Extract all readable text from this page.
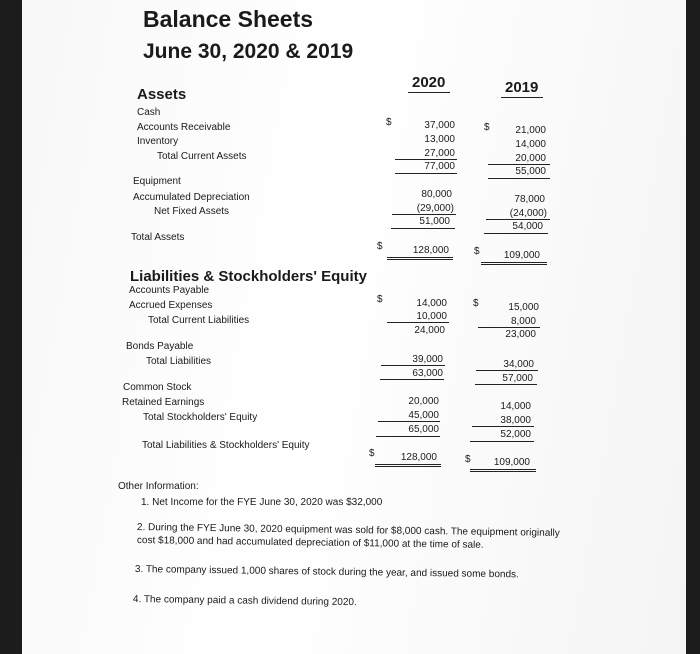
Balance Sheets
June 30, 2020 & 2019
2020	2019
Assets
Cash
$	37,000	$	21,000
Accounts Receivable
13,000	14,000
Inventory
27,000	20,000
Total Current Assets
77,000	55,000
Equipment
80,000	78,000
Accumulated Depreciation
(29,000)	(24,000)
Net Fixed Assets
51,000	54,000
Total Assets
$	128,000	$	109,000
Liabilities & Stockholders' Equity
Accounts Payable
$	14,000	$	15,000
Accrued Expenses
10,000	8,000
Total Current Liabilities
24,000	23,000
Bonds Payable
39,000	34,000
Total Liabilities
63,000	57,000
Common Stock
20,000	14,000
Retained Earnings
45,000	38,000
Total Stockholders' Equity
65,000	52,000
Total Liabilities & Stockholders' Equity
$	128,000	$	109,000
Other Information:
1. Net Income for the FYE June 30, 2020 was $32,000
2. During the FYE June 30, 2020 equipment was sold for $8,000 cash. The equipment originally
cost $18,000 and had accumulated depreciation of $11,000 at the time of sale.
3. The company issued 1,000 shares of stock during the year, and issued some bonds.
4. The company paid a cash dividend during 2020.
